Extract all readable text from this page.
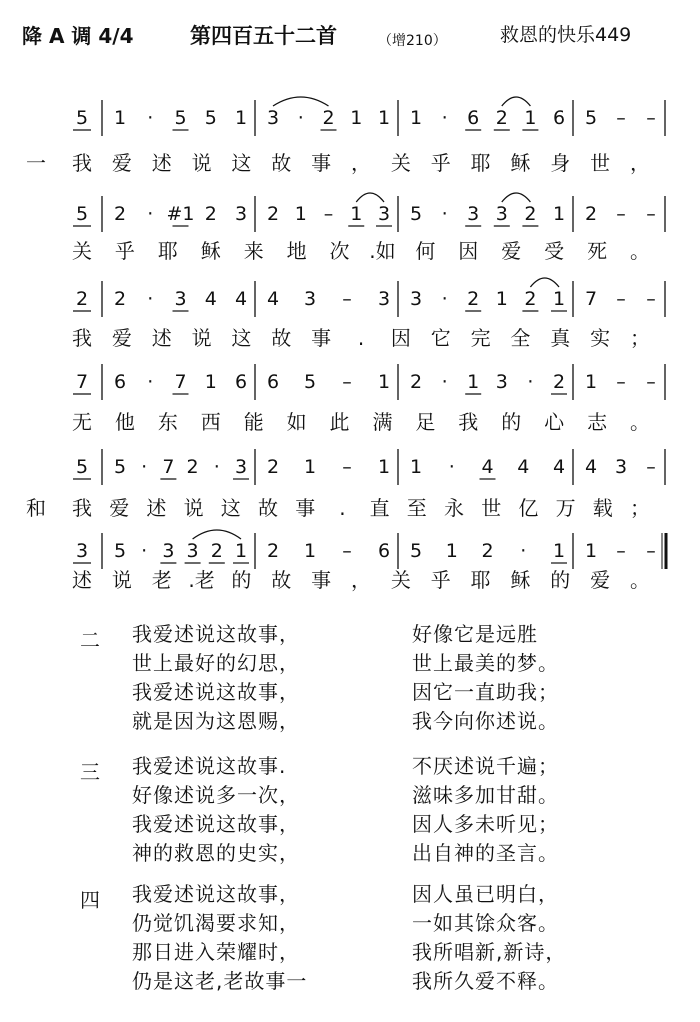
降 A 调 4/4	第四百五十二首	（增210）	救恩的快乐449
5 1 · 5 5 1 3 · 2 1 1 1 · 6 2 1 6 5 – –
一 我 爱 述 说 这 故 事 ， 关 乎 耶 稣 身 世 ，
5 2 · #1 2 3 2 1 – 1 3 5 · 3 3 2 1 2 – –
关 乎 耶 稣 来 地 次 .如 何 因 爱 受 死 。
2 2 · 3 4 4 4 3 – 3 3 · 2 1 2 1 7 – –
我 爱 述 说 这 故 事 . 因 它 完 全 真 实 ；
7 6 · 7 1 6 6 5 – 1 2 · 1 3 · 2 1 – –
无 他 东 西 能 如 此 满 足 我 的 心 志 。
5 5 · 7 2 · 3 2 1 – 1 1 · 4 4 4 4 3 –
和 我 爱 述 说 这 故 事 . 直 至 永 世 亿 万 载 ；
3 5 · 3 3 2 1 2 1 – 6 5 1 2 · 1 1 – –
述 说 老 .老 的 故 事 ， 关 乎 耶 稣 的 爱 。
二	我爱述说这故事，	好像它是远胜
世上最好的幻思，	世上最美的梦。
我爱述说这故事，	因它一直助我；
就是因为这恩赐，	我今向你述说。
三	我爱述说这故事.	不厌述说千遍；
好像述说多一次，	滋味多加甘甜。
我爱述说这故事，	因人多未听见；
神的救恩的史实，	出自神的圣言。
四	我爱述说这故事，	因人虽已明白，
仍觉饥渴要求知，	一如其馀众客。
那日进入荣耀时，	我所唱新,新诗，
仍是这老,老故事一	我所久爱不释。
